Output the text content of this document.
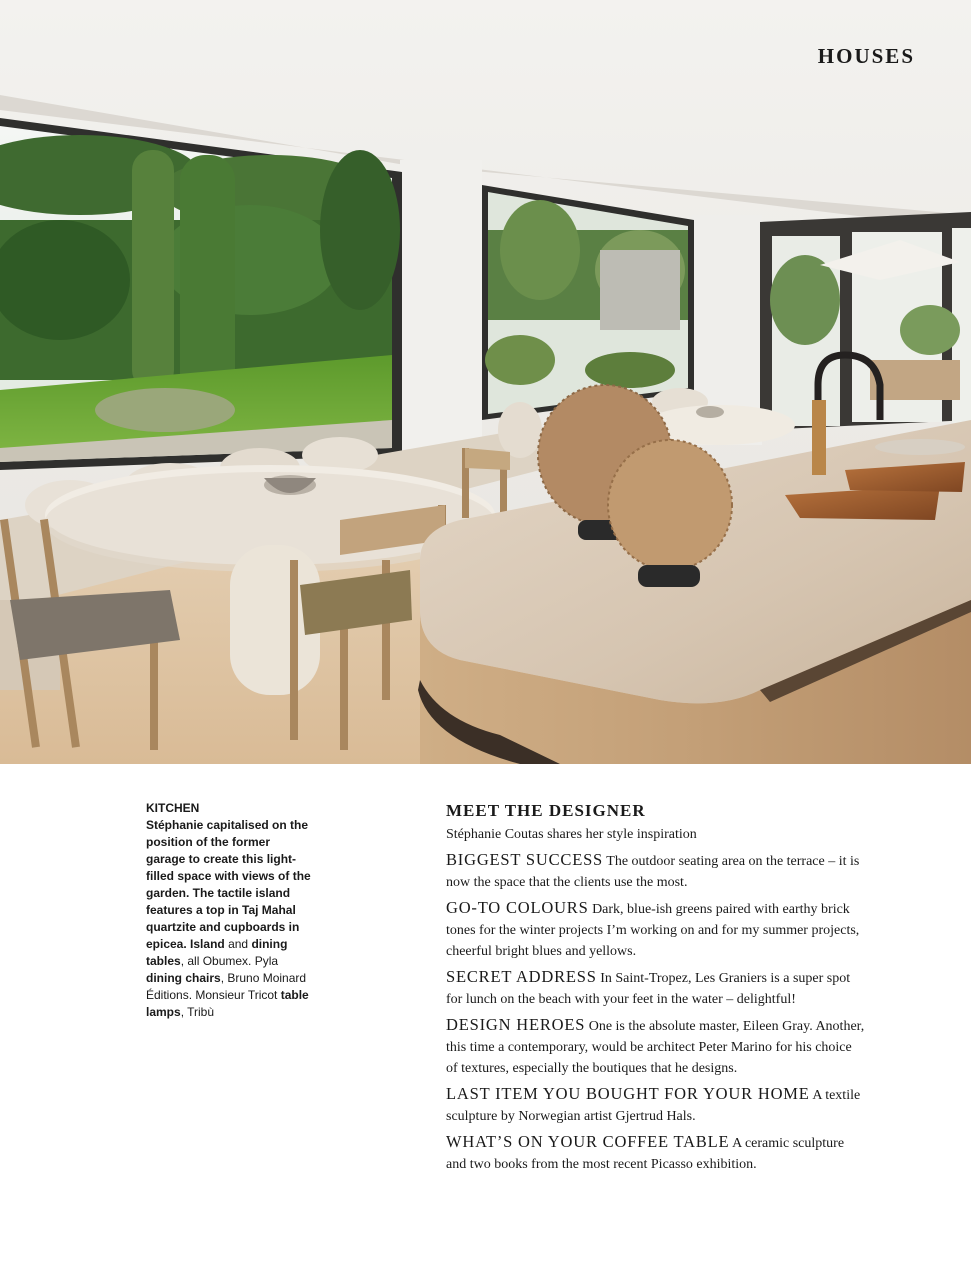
HOUSES
KITCHEN
Stéphanie capitalised on the position of the former garage to create this light-filled space with views of the garden. The tactile island features a top in Taj Mahal quartzite and cupboards in epicea. Island and dining tables, all Obumex. Pyla dining chairs, Bruno Moinard Éditions. Monsieur Tricot table lamps, Tribù

MEET THE DESIGNER

Stéphanie Coutas shares her style inspiration

BIGGEST SUCCESS The outdoor seating area on the terrace – it is now the space that the clients use the most.

GO-TO COLOURS Dark, blue-ish greens paired with earthy brick tones for the winter projects I’m working on and for my summer projects, cheerful bright blues and yellows.

SECRET ADDRESS In Saint-Tropez, Les Graniers is a super spot for lunch on the beach with your feet in the water – delightful!

DESIGN HEROES One is the absolute master, Eileen Gray. Another, this time a contemporary, would be architect Peter Marino for his choice of textures, especially the boutiques that he designs.

LAST ITEM YOU BOUGHT FOR YOUR HOME A textile sculpture by Norwegian artist Gjertrud Hals.

WHAT’S ON YOUR COFFEE TABLE A ceramic sculpture and two books from the most recent Picasso exhibition.
